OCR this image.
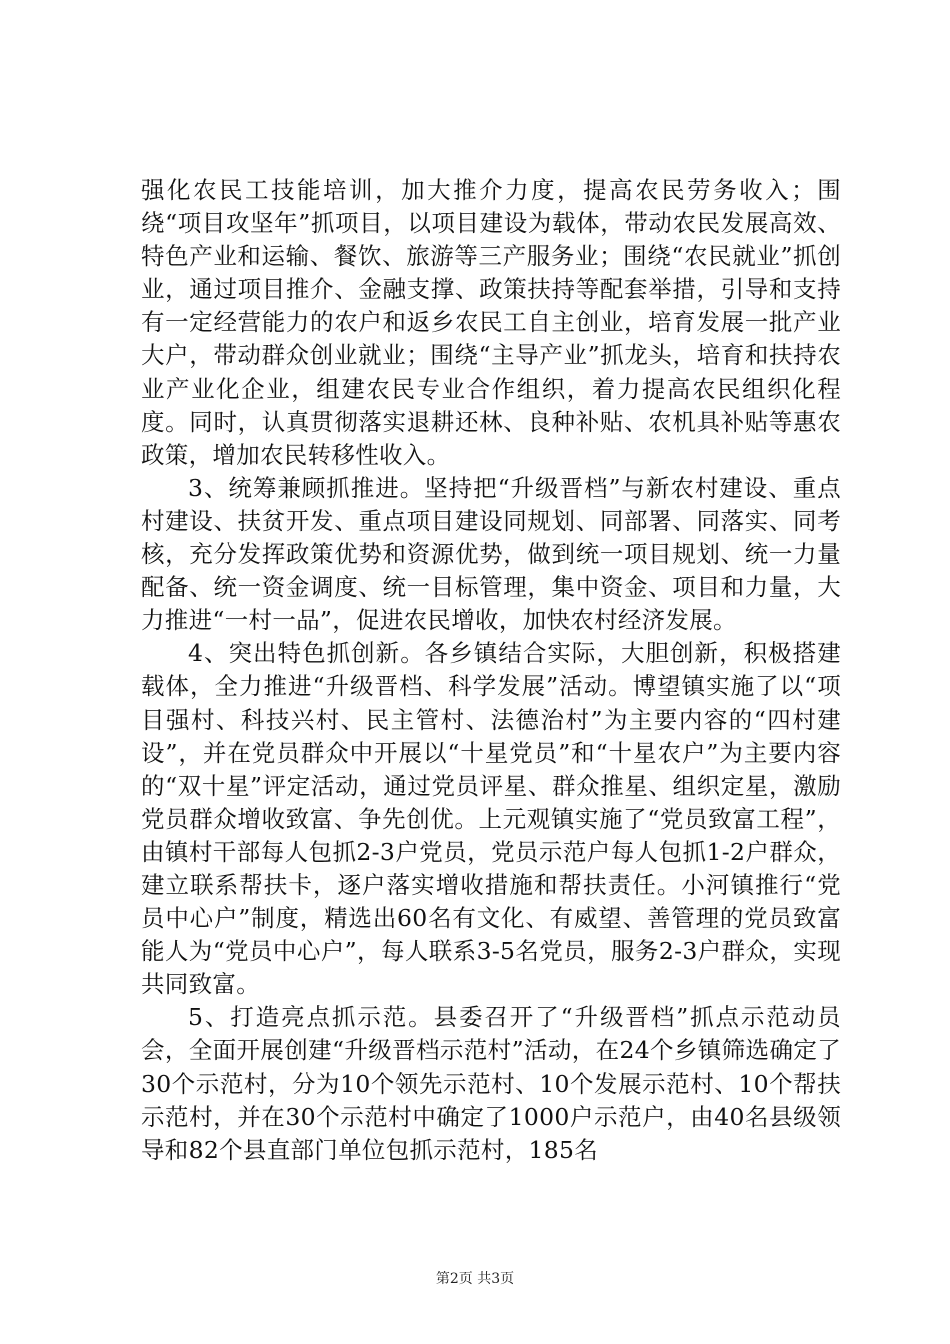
强化农民工技能培训，加大推介力度，提高农民劳务收入；围绕“项目攻坚年”抓项目，以项目建设为载体，带动农民发展高效、特色产业和运输、餐饮、旅游等三产服务业；围绕“农民就业”抓创业，通过项目推介、金融支撑、政策扶持等配套举措，引导和支持有一定经营能力的农户和返乡农民工自主创业，培育发展一批产业大户，带动群众创业就业；围绕“主导产业”抓龙头，培育和扶持农业产业化企业，组建农民专业合作组织，着力提高农民组织化程度。同时，认真贯彻落实退耕还林、良种补贴、农机具补贴等惠农政策，增加农民转移性收入。

3、统筹兼顾抓推进。坚持把“升级晋档”与新农村建设、重点村建设、扶贫开发、重点项目建设同规划、同部署、同落实、同考核，充分发挥政策优势和资源优势，做到统一项目规划、统一力量配备、统一资金调度、统一目标管理，集中资金、项目和力量，大力推进“一村一品”，促进农民增收，加快农村经济发展。

4、突出特色抓创新。各乡镇结合实际，大胆创新，积极搭建载体，全力推进“升级晋档、科学发展”活动。博望镇实施了以“项目强村、科技兴村、民主管村、法德治村”为主要内容的“四村建设”，并在党员群众中开展以“十星党员”和“十星农户”为主要内容的“双十星”评定活动，通过党员评星、群众推星、组织定星，激励党员群众增收致富、争先创优。上元观镇实施了“党员致富工程”，由镇村干部每人包抓2-3户党员，党员示范户每人包抓1-2户群众，建立联系帮扶卡，逐户落实增收措施和帮扶责任。小河镇推行“党员中心户”制度，精选出60名有文化、有威望、善管理的党员致富能人为“党员中心户”，每人联系3-5名党员，服务2-3户群众，实现共同致富。

5、打造亮点抓示范。县委召开了“升级晋档”抓点示范动员会，全面开展创建“升级晋档示范村”活动，在24个乡镇筛选确定了30个示范村，分为10个领先示范村、10个发展示范村、10个帮扶示范村，并在30个示范村中确定了1000户示范户，由40名县级领导和82个县直部门单位包抓示范村，185名

第2页 共3页
